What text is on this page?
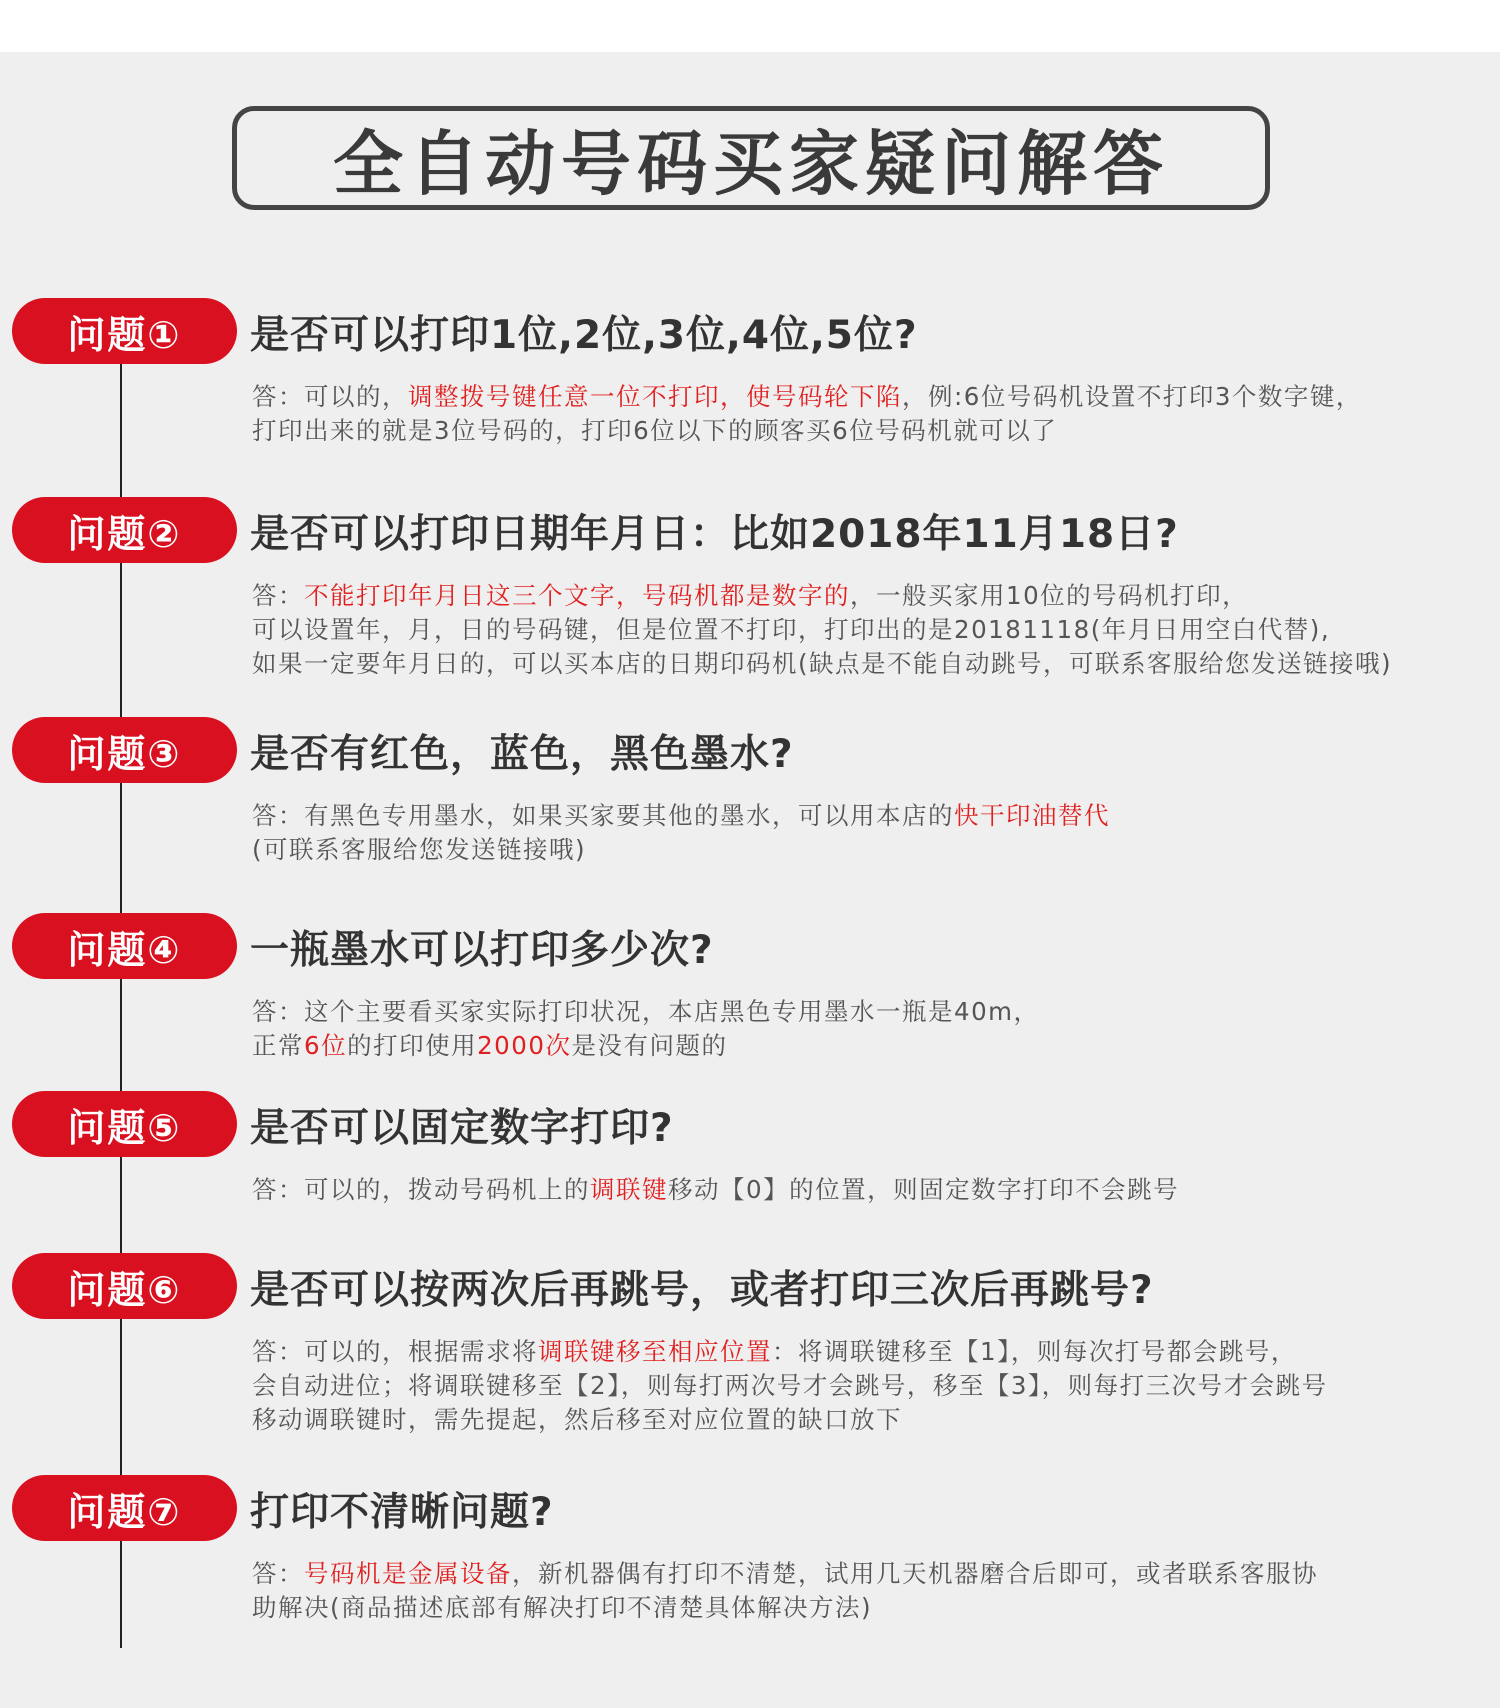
全自动号码买家疑问解答
问题①	是否可以打印1位,2位,3位,4位,5位?
答：可以的，调整拨号键任意一位不打印，使号码轮下陷，例:6位号码机设置不打印3个数字键，
打印出来的就是3位号码的，打印6位以下的顾客买6位号码机就可以了
问题②	是否可以打印日期年月日：比如2018年11月18日?
答：不能打印年月日这三个文字，号码机都是数字的，一般买家用10位的号码机打印，
可以设置年，月，日的号码键，但是位置不打印，打印出的是20181118(年月日用空白代替),
如果一定要年月日的，可以买本店的日期印码机(缺点是不能自动跳号，可联系客服给您发送链接哦)
问题③	是否有红色，蓝色，黑色墨水?
答：有黑色专用墨水，如果买家要其他的墨水，可以用本店的快干印油替代
(可联系客服给您发送链接哦)
问题④	一瓶墨水可以打印多少次?
答：这个主要看买家实际打印状况，本店黑色专用墨水一瓶是40m，
正常6位的打印使用2000次是没有问题的
问题⑤	是否可以固定数字打印?
答：可以的，拨动号码机上的调联键移动【0】的位置，则固定数字打印不会跳号
问题⑥	是否可以按两次后再跳号，或者打印三次后再跳号?
答：可以的，根据需求将调联键移至相应位置：将调联键移至【1】，则每次打号都会跳号，
会自动进位；将调联键移至【2】，则每打两次号才会跳号，移至【3】，则每打三次号才会跳号
移动调联键时，需先提起，然后移至对应位置的缺口放下
问题⑦	打印不清晰问题?
答：号码机是金属设备，新机器偶有打印不清楚，试用几天机器磨合后即可，或者联系客服协
助解决(商品描述底部有解决打印不清楚具体解决方法)
